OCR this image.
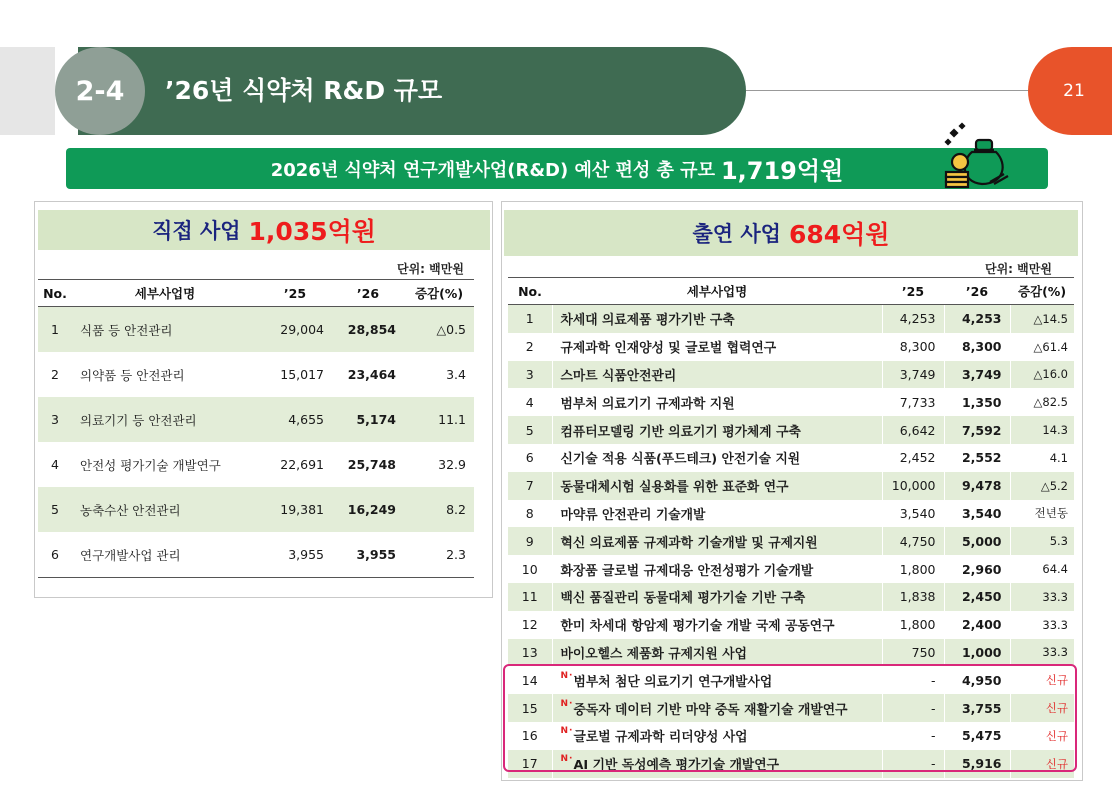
2-4	’26년 식약처 R&D 규모	21
2026년 식약처 연구개발사업(R&D) 예산 편성 총 규모 1,719억원
직접 사업 1,035억원
단위: 백만원
No.	세부사업명	’25	’26	증감(%)
1	식품 등 안전관리	29,004	28,854	△0.5
2	의약품 등 안전관리	15,017	23,464	3.4
3	의료기기 등 안전관리	4,655	5,174	11.1
4	안전성 평가기술 개발연구	22,691	25,748	32.9
5	농축수산 안전관리	19,381	16,249	8.2
6	연구개발사업 관리	3,955	3,955	2.3
출연 사업 684억원
단위: 백만원
No.	세부사업명	’25	’26	증감(%)
1	차세대 의료제품 평가기반 구축	4,253	4,253	△14.5
2	규제과학 인재양성 및 글로벌 협력연구	8,300	8,300	△61.4
3	스마트 식품안전관리	3,749	3,749	△16.0
4	범부처 의료기기 규제과학 지원	7,733	1,350	△82.5
5	컴퓨터모델링 기반 의료기기 평가체계 구축	6,642	7,592	14.3
6	신기술 적용 식품(푸드테크) 안전기술 지원	2,452	2,552	4.1
7	동물대체시험 실용화를 위한 표준화 연구	10,000	9,478	△5.2
8	마약류 안전관리 기술개발	3,540	3,540	전년동
9	혁신 의료제품 규제과학 기술개발 및 규제지원	4,750	5,000	5.3
10	화장품 글로벌 규제대응 안전성평가 기술개발	1,800	2,960	64.4
11	백신 품질관리 동물대체 평가기술 기반 구축	1,838	2,450	33.3
12	한미 차세대 항암제 평가기술 개발 국제 공동연구	1,800	2,400	33.3
13	바이오헬스 제품화 규제지원 사업	750	1,000	33.3
14	$^{N\cdot}$범부처 첨단 의료기기 연구개발사업	-	4,950	신규
15	$^{N\cdot}$중독자 데이터 기반 마약 중독 재활기술 개발연구	-	3,755	신규
16	$^{N\cdot}$글로벌 규제과학 리더양성 사업	-	5,475	신규
17	$^{N\cdot}$AI 기반 독성예측 평가기술 개발연구	-	5,916	신규
